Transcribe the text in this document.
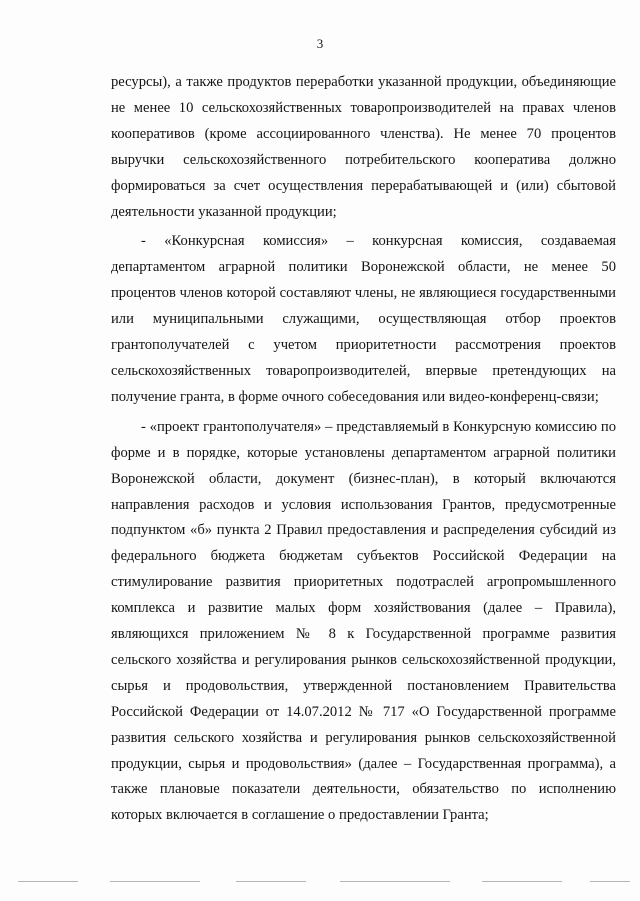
3

ресурсы), а также продуктов переработки указанной продукции, объединяющие не менее 10 сельскохозяйственных товаропроизводителей на правах членов кооперативов (кроме ассоциированного членства). Не менее 70 процентов выручки сельскохозяйственного потребительского кооператива должно формироваться за счет осуществления перерабатывающей и (или) сбытовой деятельности указанной продукции;

- «Конкурсная комиссия» – конкурсная комиссия, создаваемая департаментом аграрной политики Воронежской области, не менее 50 процентов членов которой составляют члены, не являющиеся государственными или муниципальными служащими, осуществляющая отбор проектов грантополучателей с учетом приоритетности рассмотрения проектов сельскохозяйственных товаропроизводителей, впервые претендующих на получение гранта, в форме очного собеседования или видео-конференц-связи;

- «проект грантополучателя» – представляемый в Конкурсную комиссию по форме и в порядке, которые установлены департаментом аграрной политики Воронежской области, документ (бизнес-план), в который включаются направления расходов и условия использования Грантов, предусмотренные подпунктом «б» пункта 2 Правил предоставления и распределения субсидий из федерального бюджета бюджетам субъектов Российской Федерации на стимулирование развития приоритетных подотраслей агропромышленного комплекса и развитие малых форм хозяйствования (далее – Правила), являющихся приложением № 8 к Государственной программе развития сельского хозяйства и регулирования рынков сельскохозяйственной продукции, сырья и продовольствия, утвержденной постановлением Правительства Российской Федерации от 14.07.2012 № 717 «О Государственной программе развития сельского хозяйства и регулирования рынков сельскохозяйственной продукции, сырья и продовольствия» (далее – Государственная программа), а также плановые показатели деятельности, обязательство по исполнению которых включается в соглашение о предоставлении Гранта;
